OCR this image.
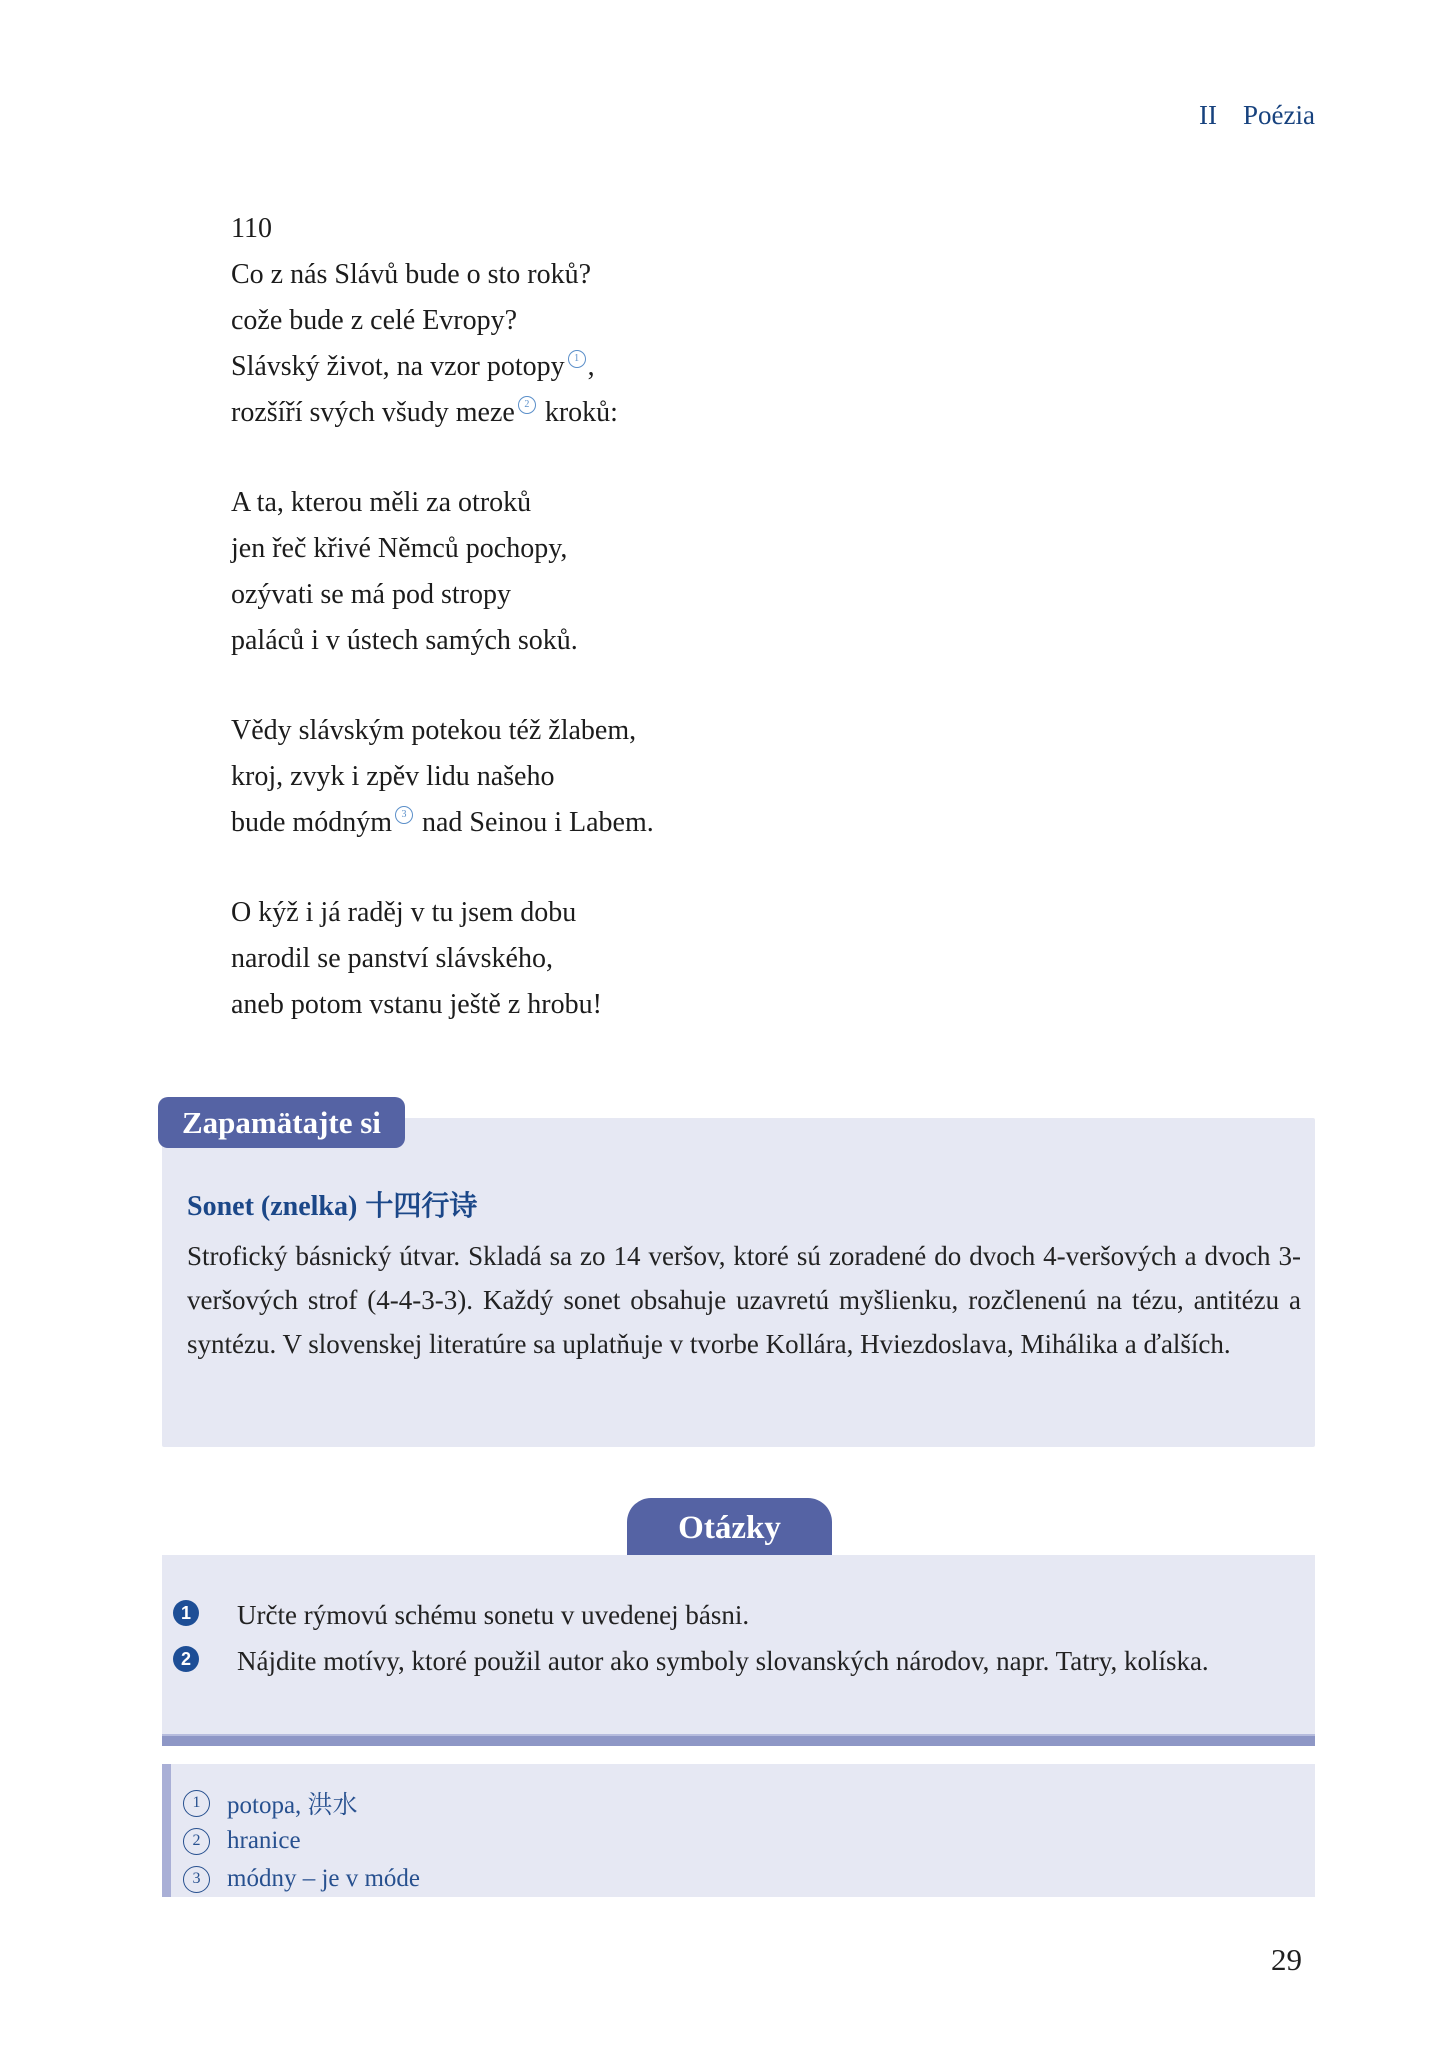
II Poézia
110
Co z nás Slávů bude o sto roků?
cože bude z celé Evropy?
Slávský život, na vzor potopy 1 ,
rozšíří svých všudy meze 2 kroků:
A ta, kterou měli za otroků
jen řeč křivé Němců pochopy,
ozývati se má pod stropy
paláců i v ústech samých soků.
Vědy slávským potekou též žlabem,
kroj, zvyk i zpěv lidu našeho
bude módným 3 nad Seinou i Labem.
O kýž i já raděj v tu jsem dobu
narodil se panství slávského,
aneb potom vstanu ještě z hrobu!
Sonet (znelka) 十四行诗
Strofický básnický útvar. Skladá sa zo 14 veršov, ktoré sú zoradené do dvoch 4-veršových a dvoch 3-veršových strof (4-4-3-3). Každý sonet obsahuje uzavretú myšlienku, rozčlenenú na tézu, antitézu a syntézu. V slovenskej literatúre sa uplatňuje v tvorbe Kollára, Hviezdoslava, Mihálika a ďalších.
Zapamätajte si
Otázky
1 Určte rýmovú schému sonetu v uvedenej básni.
2 Nájdite motívy, ktoré použil autor ako symboly slovanských národov, napr. Tatry, kolíska.
1	potopa, 洪水
2	hranice
3	módny – je v móde
29
